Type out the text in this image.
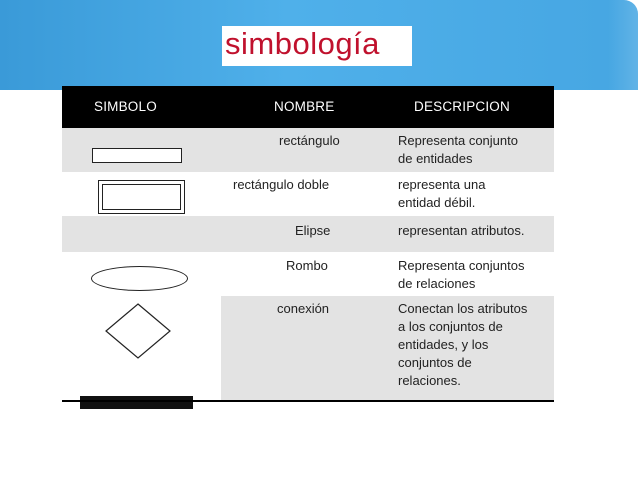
simbología
SIMBOLO	NOMBRE	DESCRIPCION
rectángulo	Representa conjunto
de entidades
rectángulo doble	representa una
entidad débil.
Elipse	representan atributos.
Rombo	Representa conjuntos
de relaciones
conexión	Conectan los atributos
a los conjuntos de
entidades, y los
conjuntos de
relaciones.
